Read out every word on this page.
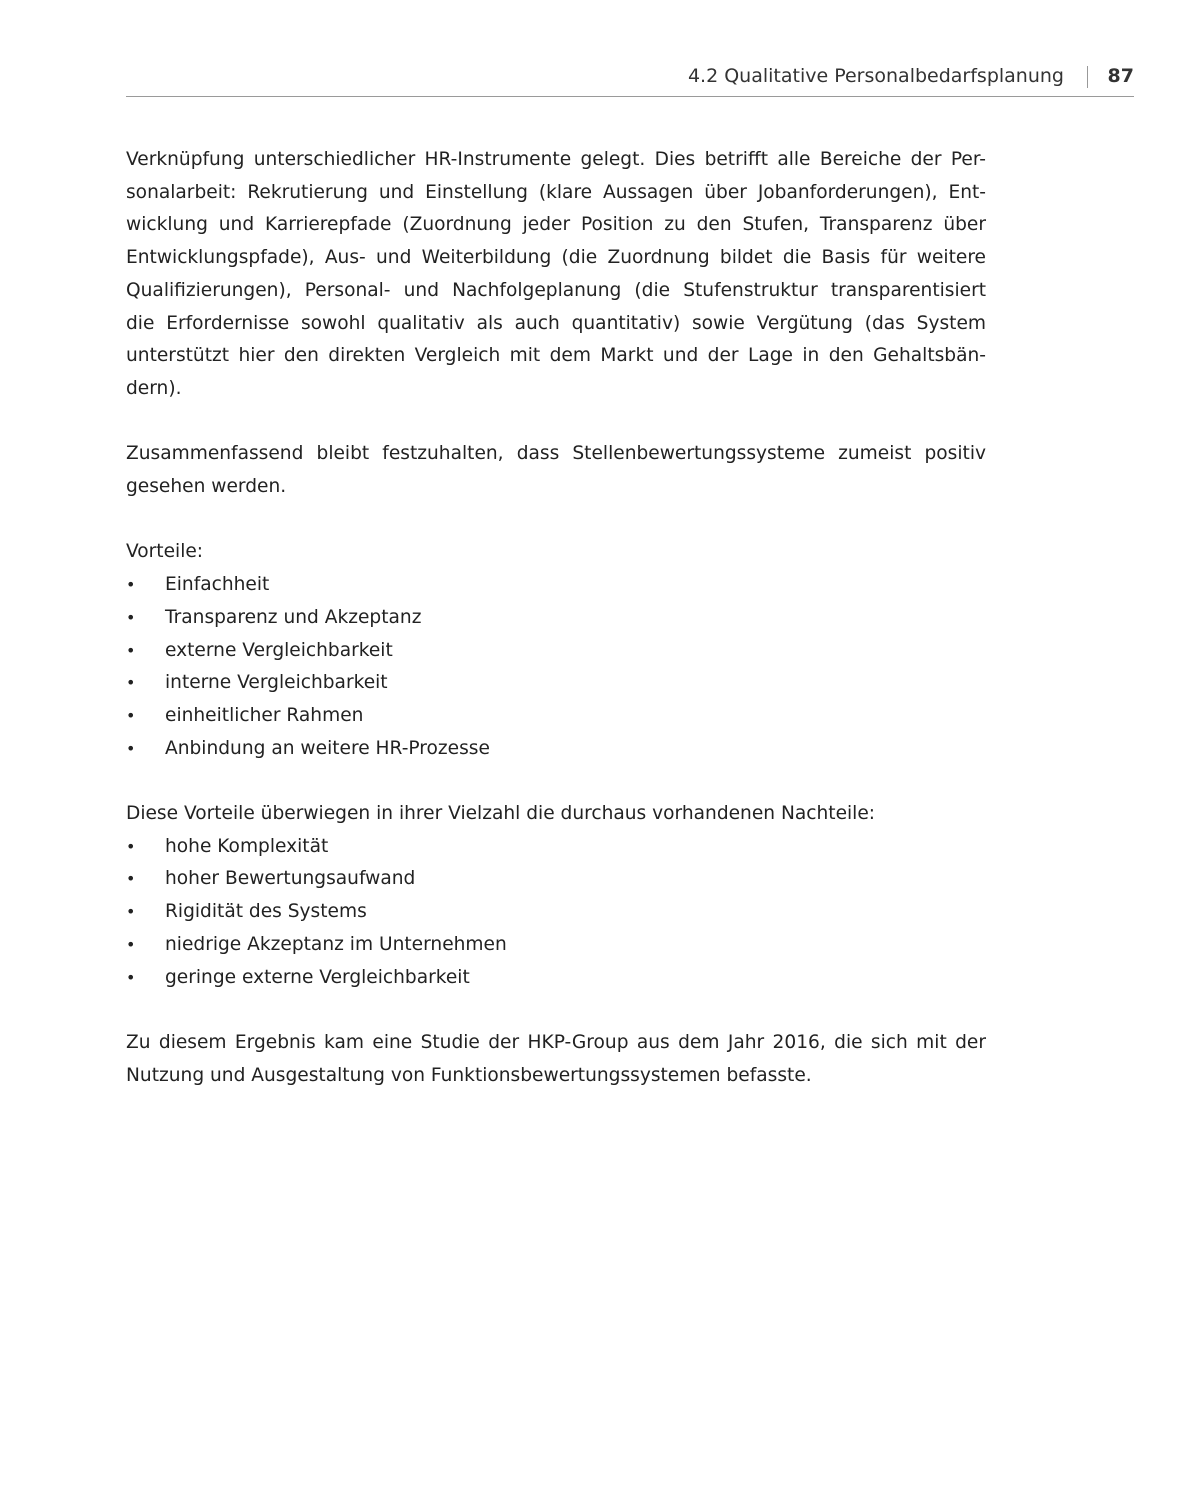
4.2 Qualitative Personalbedarfsplanung 87
Verknüpfung unterschiedlicher HR-Instrumente gelegt. Dies betrifft alle Bereiche der Per-
sonalarbeit: Rekrutierung und Einstellung (klare Aussagen über Jobanforderungen), Ent-
wicklung und Karrierepfade (Zuordnung jeder Position zu den Stufen, Transparenz über
Entwicklungspfade), Aus- und Weiterbildung (die Zuordnung bildet die Basis für weitere
Qualifizierungen), Personal- und Nachfolgeplanung (die Stufenstruktur transparentisiert
die Erfordernisse sowohl qualitativ als auch quantitativ) sowie Vergütung (das System
unterstützt hier den direkten Vergleich mit dem Markt und der Lage in den Gehaltsbän-
dern).
Zusammenfassend bleibt festzuhalten, dass Stellenbewertungssysteme zumeist positiv
gesehen werden.
Vorteile:
• Einfachheit
• Transparenz und Akzeptanz
• externe Vergleichbarkeit
• interne Vergleichbarkeit
• einheitlicher Rahmen
• Anbindung an weitere HR-Prozesse
Diese Vorteile überwiegen in ihrer Vielzahl die durchaus vorhandenen Nachteile:
• hohe Komplexität
• hoher Bewertungsaufwand
• Rigidität des Systems
• niedrige Akzeptanz im Unternehmen
• geringe externe Vergleichbarkeit
Zu diesem Ergebnis kam eine Studie der HKP-Group aus dem Jahr 2016, die sich mit der
Nutzung und Ausgestaltung von Funktionsbewertungssystemen befasste.
